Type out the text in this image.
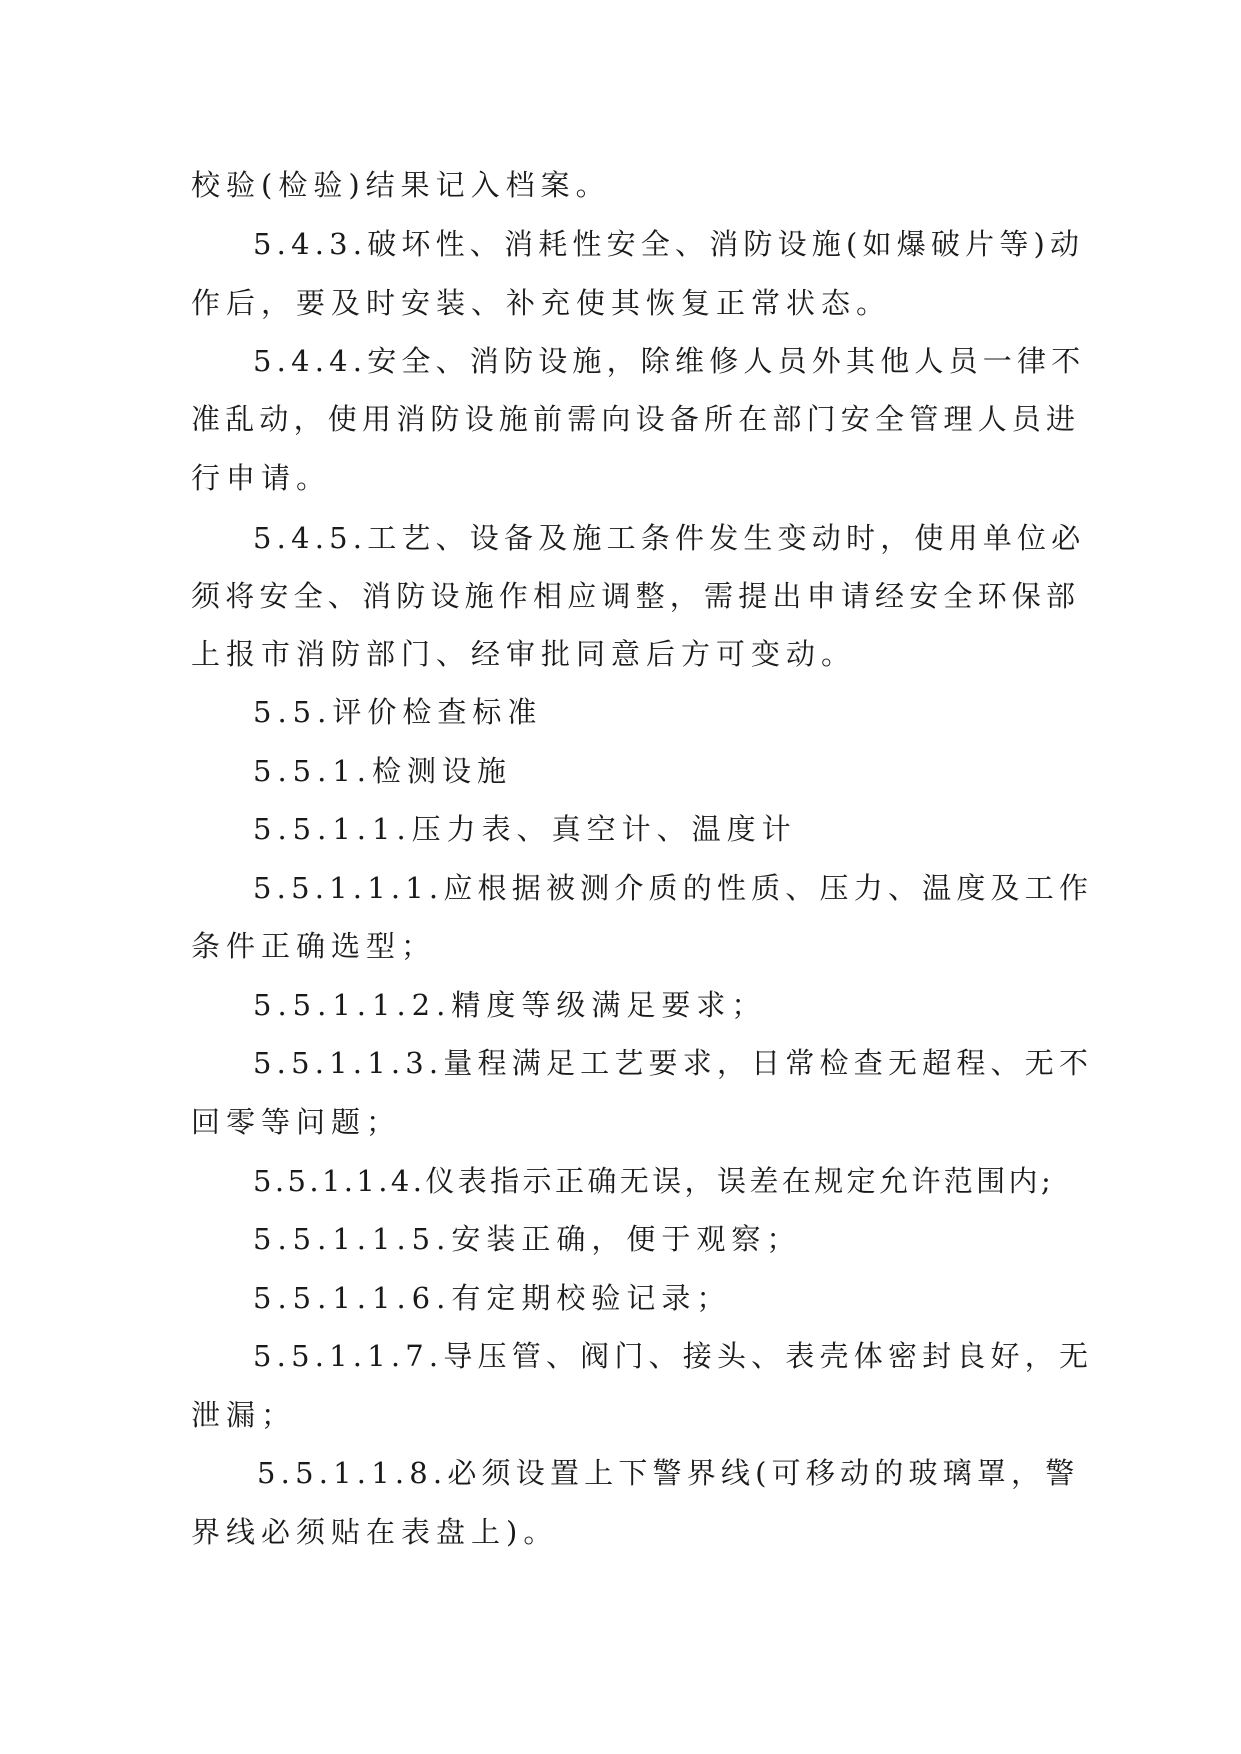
校验(检验)结果记入档案。
5.4.3.破坏性、消耗性安全、消防设施(如爆破片等)动
作后，要及时安装、补充使其恢复正常状态。
5.4.4.安全、消防设施，除维修人员外其他人员一律不
准乱动，使用消防设施前需向设备所在部门安全管理人员进
行申请。
5.4.5.工艺、设备及施工条件发生变动时，使用单位必
须将安全、消防设施作相应调整，需提出申请经安全环保部
上报市消防部门、经审批同意后方可变动。
5.5.评价检查标准
5.5.1.检测设施
5.5.1.1.压力表、真空计、温度计
5.5.1.1.1.应根据被测介质的性质、压力、温度及工作
条件正确选型；
5.5.1.1.2.精度等级满足要求；
5.5.1.1.3.量程满足工艺要求，日常检查无超程、无不
回零等问题；
5.5.1.1.4.仪表指示正确无误，误差在规定允许范围内;
5.5.1.1.5.安装正确，便于观察；
5.5.1.1.6.有定期校验记录；
5.5.1.1.7.导压管、阀门、接头、表壳体密封良好，无
泄漏；
5.5.1.1.8.必须设置上下警界线(可移动的玻璃罩，警
界线必须贴在表盘上)。
